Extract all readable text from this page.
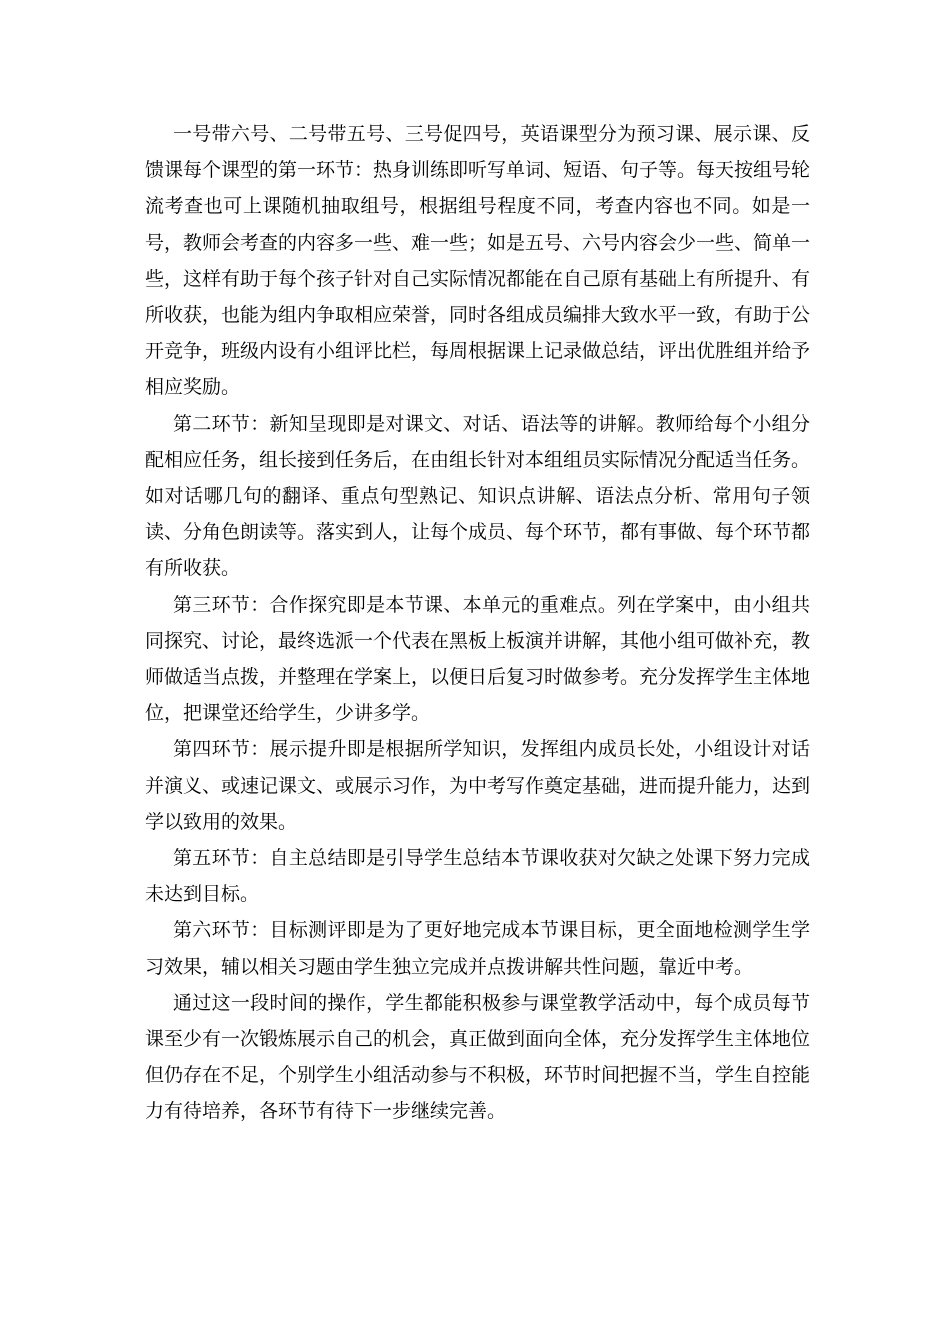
一号带六号、二号带五号、三号促四号，英语课型分为预习课、展示课、反馈课每个课型的第一环节：热身训练即听写单词、短语、句子等。每天按组号轮流考查也可上课随机抽取组号，根据组号程度不同，考查内容也不同。如是一号，教师会考查的内容多一些、难一些；如是五号、六号内容会少一些、简单一些，这样有助于每个孩子针对自己实际情况都能在自己原有基础上有所提升、有所收获，也能为组内争取相应荣誉，同时各组成员编排大致水平一致，有助于公开竞争，班级内设有小组评比栏，每周根据课上记录做总结，评出优胜组并给予相应奖励。

第二环节：新知呈现即是对课文、对话、语法等的讲解。教师给每个小组分配相应任务，组长接到任务后，在由组长针对本组组员实际情况分配适当任务。如对话哪几句的翻译、重点句型熟记、知识点讲解、语法点分析、常用句子领读、分角色朗读等。落实到人，让每个成员、每个环节，都有事做、每个环节都有所收获。

第三环节：合作探究即是本节课、本单元的重难点。列在学案中，由小组共同探究、讨论，最终选派一个代表在黑板上板演并讲解，其他小组可做补充，教师做适当点拨，并整理在学案上，以便日后复习时做参考。充分发挥学生主体地位，把课堂还给学生，少讲多学。

第四环节：展示提升即是根据所学知识，发挥组内成员长处，小组设计对话并演义、或速记课文、或展示习作，为中考写作奠定基础，进而提升能力，达到学以致用的效果。

第五环节：自主总结即是引导学生总结本节课收获对欠缺之处课下努力完成未达到目标。

第六环节：目标测评即是为了更好地完成本节课目标，更全面地检测学生学习效果，辅以相关习题由学生独立完成并点拨讲解共性问题，靠近中考。

通过这一段时间的操作，学生都能积极参与课堂教学活动中，每个成员每节课至少有一次锻炼展示自己的机会，真正做到面向全体，充分发挥学生主体地位但仍存在不足，个别学生小组活动参与不积极，环节时间把握不当，学生自控能力有待培养，各环节有待下一步继续完善。
